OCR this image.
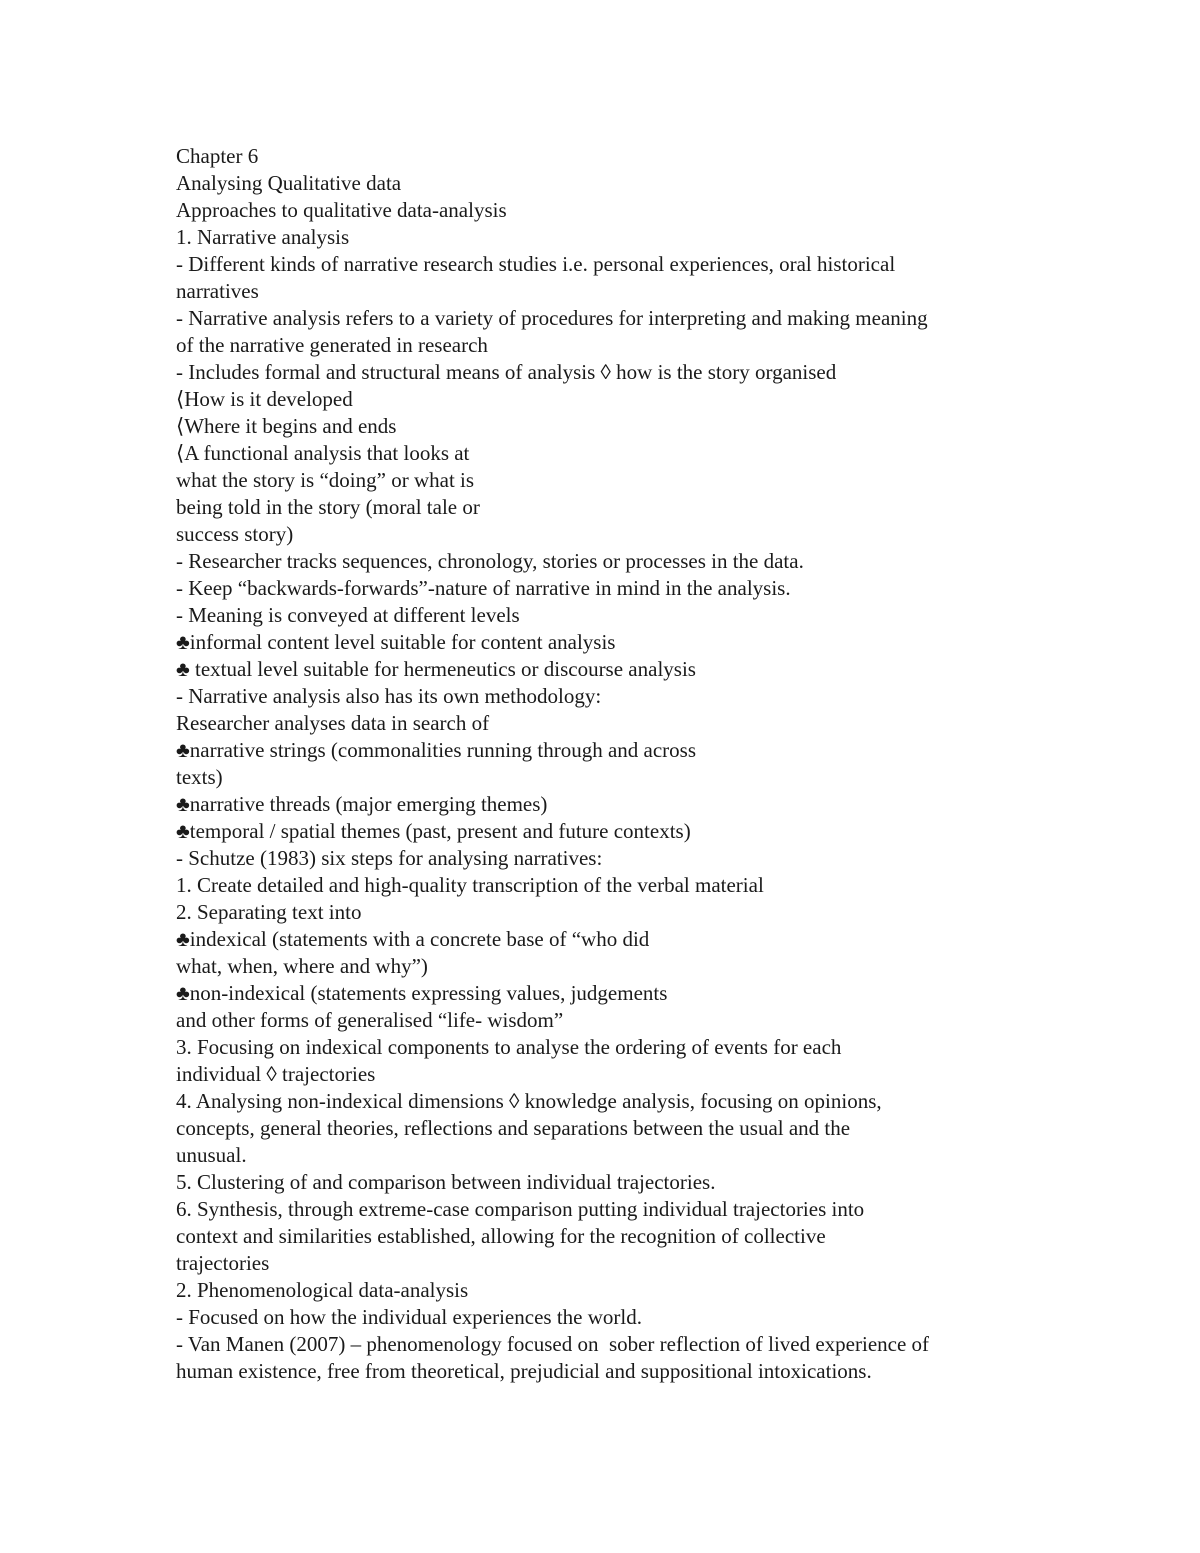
Chapter 6
Analysing Qualitative data
Approaches to qualitative data-analysis
1. Narrative analysis
- Different kinds of narrative research studies i.e. personal experiences, oral historical
narratives
- Narrative analysis refers to a variety of procedures for interpreting and making meaning
of the narrative generated in research
- Includes formal and structural means of analysis ◊ how is the story organised
⟨How is it developed
⟨Where it begins and ends
⟨A functional analysis that looks at
what the story is “doing” or what is
being told in the story (moral tale or
success story)
- Researcher tracks sequences, chronology, stories or processes in the data.
- Keep “backwards-forwards”-nature of narrative in mind in the analysis.
- Meaning is conveyed at different levels
♣informal content level suitable for content analysis
♣ textual level suitable for hermeneutics or discourse analysis
- Narrative analysis also has its own methodology:
Researcher analyses data in search of
♣narrative strings (commonalities running through and across
texts)
♣narrative threads (major emerging themes)
♣temporal / spatial themes (past, present and future contexts)
- Schutze (1983) six steps for analysing narratives:
1. Create detailed and high-quality transcription of the verbal material
2. Separating text into
♣indexical (statements with a concrete base of “who did
what, when, where and why”)
♣non-indexical (statements expressing values, judgements
and other forms of generalised “life- wisdom”
3. Focusing on indexical components to analyse the ordering of events for each
individual ◊ trajectories
4. Analysing non-indexical dimensions ◊ knowledge analysis, focusing on opinions,
concepts, general theories, reflections and separations between the usual and the
unusual.
5. Clustering of and comparison between individual trajectories.
6. Synthesis, through extreme-case comparison putting individual trajectories into
context and similarities established, allowing for the recognition of collective
trajectories
2. Phenomenological data-analysis
- Focused on how the individual experiences the world.
- Van Manen (2007) – phenomenology focused on  sober reflection of lived experience of
human existence, free from theoretical, prejudicial and suppositional intoxications.
